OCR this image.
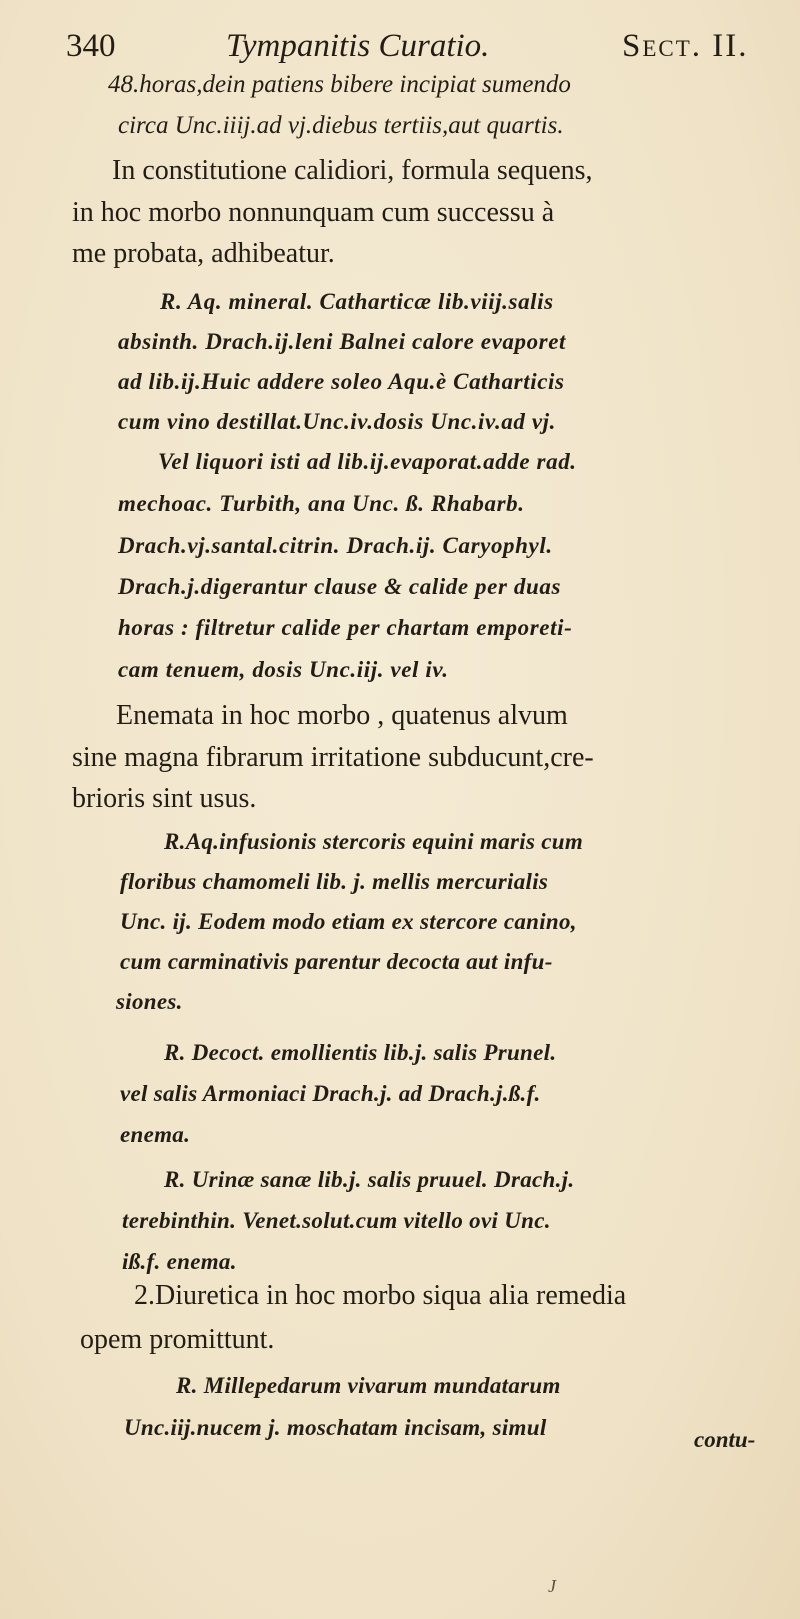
340	Tympanitis Curatio.	Sect. II.
48.horas,dein patiens bibere incipiat sumendo
circa Unc.iiij.ad vj.diebus tertiis,aut quartis.
In constitutione calidiori, formula sequens,
in hoc morbo nonnunquam cum successu à
me probata, adhibeatur.
R. Aq. mineral. Catharticæ lib.viij.salis
absinth. Drach.ij.leni Balnei calore evaporet
ad lib.ij.Huic addere soleo Aqu.è Catharticis
cum vino destillat.Unc.iv.dosis Unc.iv.ad vj.
Vel liquori isti ad lib.ij.evaporat.adde rad.
mechoac. Turbith, ana Unc. ß. Rhabarb.
Drach.vj.santal.citrin. Drach.ij. Caryophyl.
Drach.j.digerantur clause & calide per duas
horas : filtretur calide per chartam emporeti-
cam tenuem, dosis Unc.iij. vel iv.
Enemata in hoc morbo , quatenus alvum
sine magna fibrarum irritatione subducunt,cre-
brioris sint usus.
R.Aq.infusionis stercoris equini maris cum
floribus chamomeli lib. j. mellis mercurialis
Unc. ij. Eodem modo etiam ex stercore canino,
cum carminativis parentur decocta aut infu-
siones.
R. Decoct. emollientis lib.j. salis Prunel.
vel salis Armoniaci Drach.j. ad Drach.j.ß.f.
enema.
R. Urinæ sanæ lib.j. salis pruuel. Drach.j.
terebinthin. Venet.solut.cum vitello ovi Unc.
iß.f. enema.
2.Diuretica in hoc morbo siqua alia remedia
opem promittunt.
R. Millepedarum vivarum mundatarum
Unc.iij.nucem j. moschatam incisam, simul	contu-
J
